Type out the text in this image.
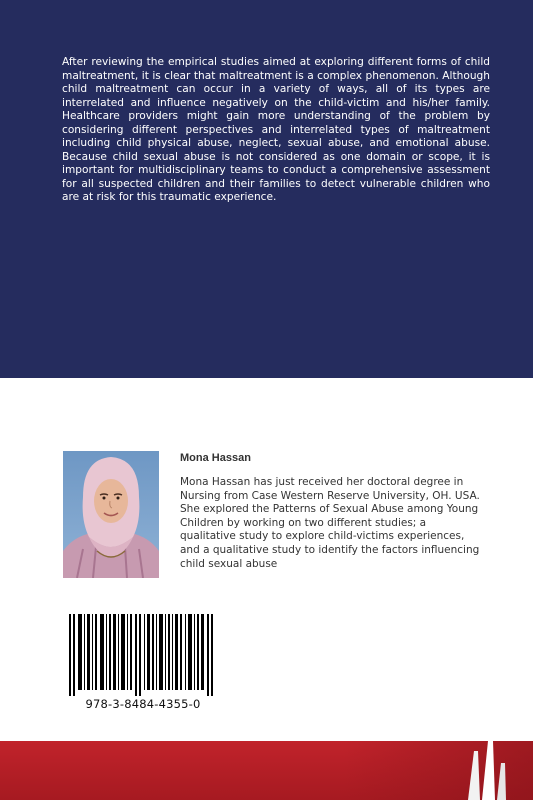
After reviewing the empirical studies aimed at exploring different forms of child maltreatment, it is clear that maltreatment is a complex phenomenon. Although child maltreatment can occur in a variety of ways, all of its types are interrelated and influence negatively on the child-victim and his/her family. Healthcare providers might gain more understanding of the problem by considering different perspectives and interrelated types of maltreatment including child physical abuse, neglect, sexual abuse, and emotional abuse. Because child sexual abuse is not considered as one domain or scope, it is important for multidisciplinary teams to conduct a comprehensive assessment for all suspected children and their families to detect vulnerable children who are at risk for this traumatic experience.

Mona Hassan

Mona Hassan has just received her doctoral degree in Nursing from Case Western Reserve University, OH. USA. She explored the Patterns of Sexual Abuse among Young Children by working on two different studies; a qualitative study to explore child-victims experiences, and a qualitative study to identify the factors influencing child sexual abuse

978-3-8484-4355-0
